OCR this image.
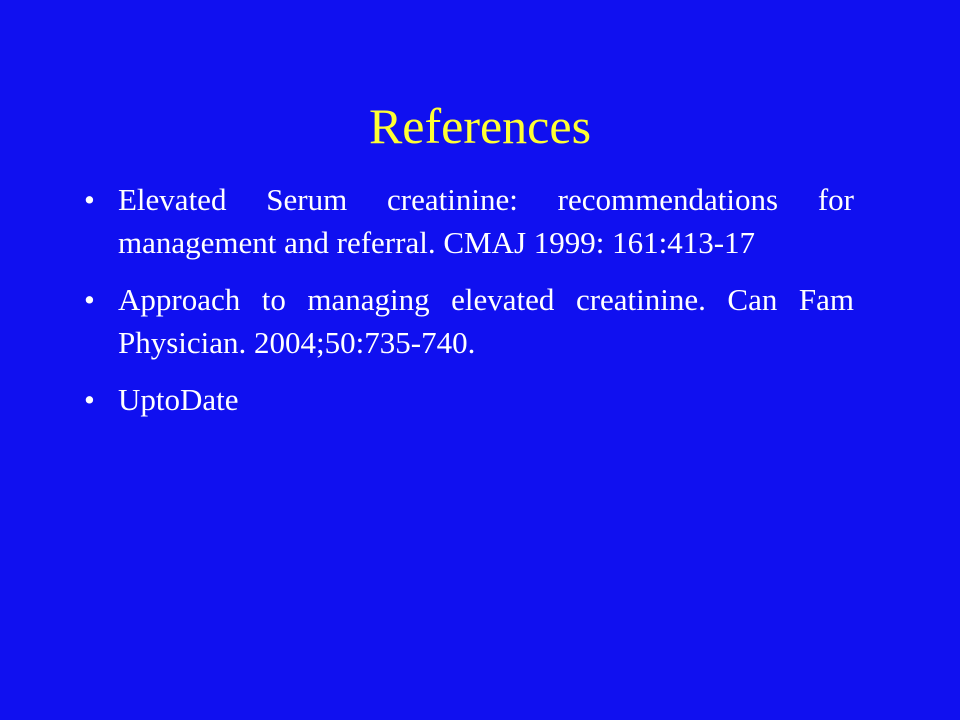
References
• Elevated Serum creatinine: recommendations for management and referral. CMAJ 1999: 161:413-17
• Approach to managing elevated creatinine. Can Fam Physician. 2004;50:735-740.
• UptoDate
